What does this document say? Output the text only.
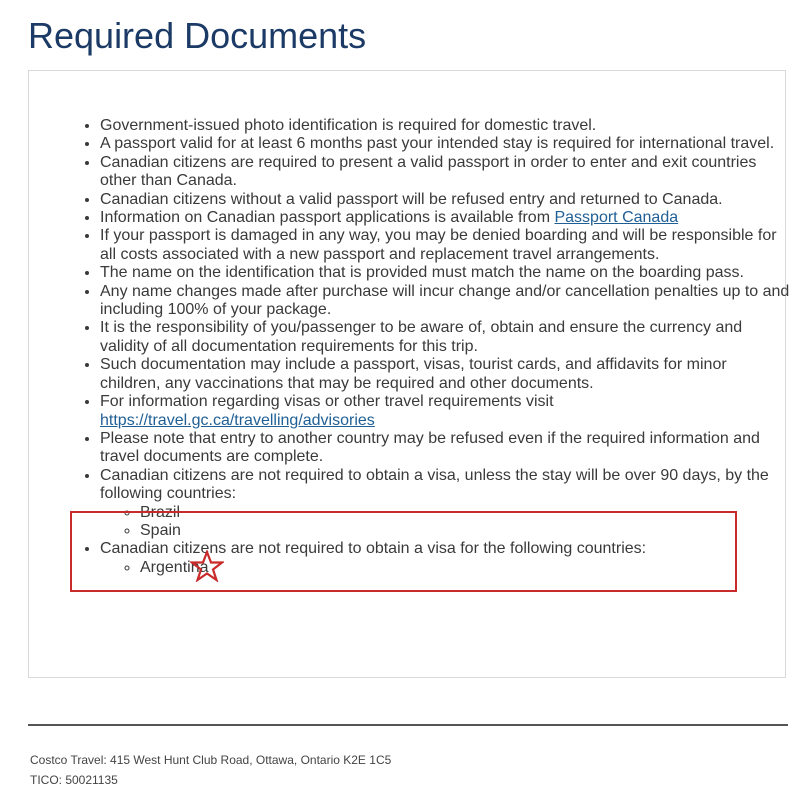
Required Documents
• Government-issued photo identification is required for domestic travel.
• A passport valid for at least 6 months past your intended stay is required for international travel.
• Canadian citizens are required to present a valid passport in order to enter and exit countries other than Canada.
• Canadian citizens without a valid passport will be refused entry and returned to Canada.
• Information on Canadian passport applications is available from Passport Canada
• If your passport is damaged in any way, you may be denied boarding and will be responsible for all costs associated with a new passport and replacement travel arrangements.
• The name on the identification that is provided must match the name on the boarding pass.
• Any name changes made after purchase will incur change and/or cancellation penalties up to and including 100% of your package.
• It is the responsibility of you/passenger to be aware of, obtain and ensure the currency and validity of all documentation requirements for this trip.
• Such documentation may include a passport, visas, tourist cards, and affidavits for minor children, any vaccinations that may be required and other documents.
• For information regarding visas or other travel requirements visit https://travel.gc.ca/travelling/advisories
• Please note that entry to another country may be refused even if the required information and travel documents are complete.
• Canadian citizens are not required to obtain a visa, unless the stay will be over 90 days, by the following countries:
◦ Brazil
◦ Spain
• Canadian citizens are not required to obtain a visa for the following countries:
◦ Argentina
Costco Travel: 415 West Hunt Club Road, Ottawa, Ontario K2E 1C5
TICO: 50021135
